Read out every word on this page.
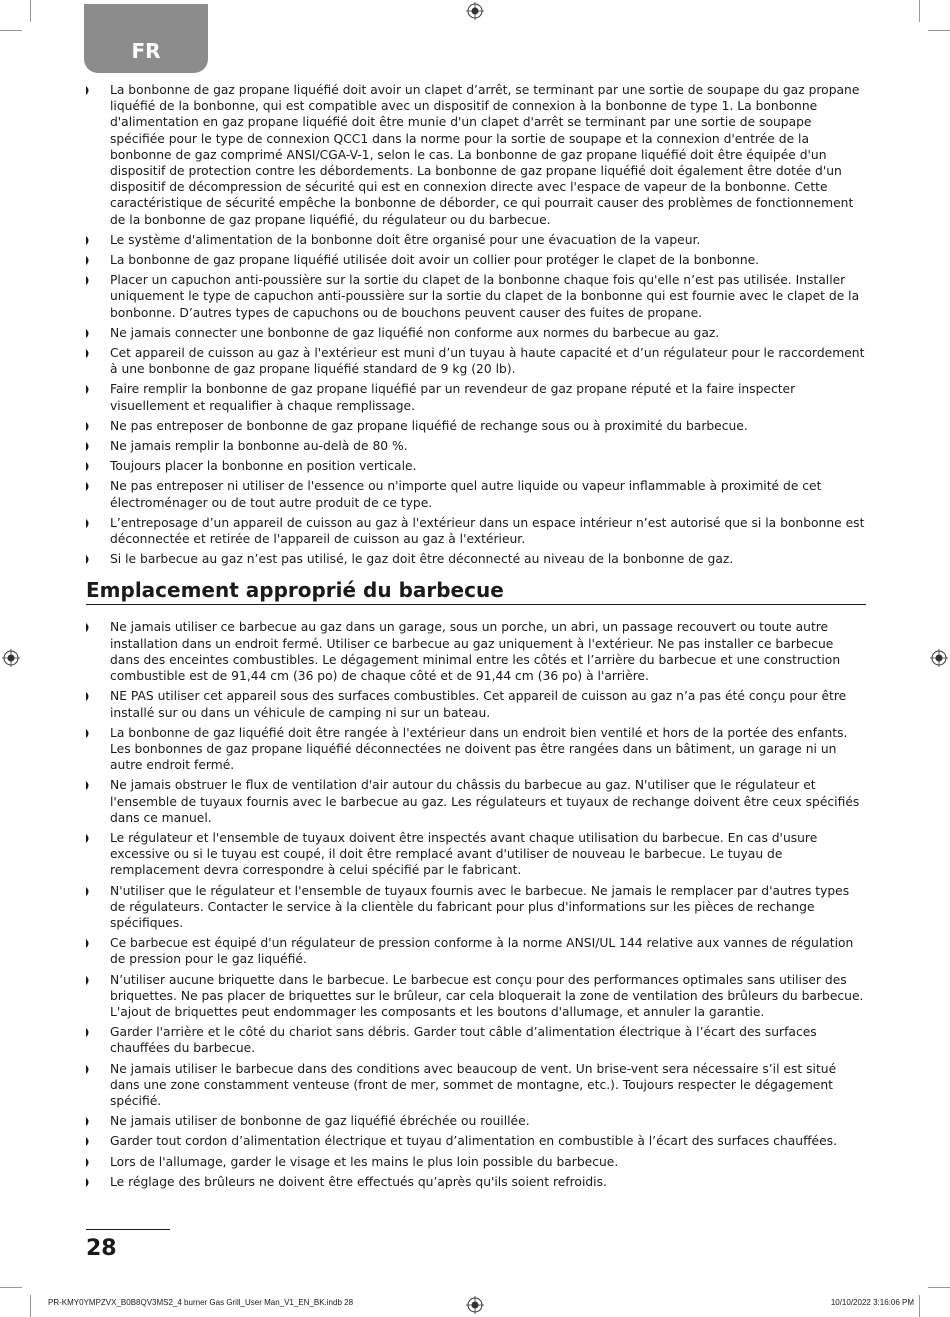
FR
La bonbonne de gaz propane liquéfié doit avoir un clapet d’arrêt, se terminant par une sortie de soupape du gaz propane liquéfié de la bonbonne, qui est compatible avec un dispositif de connexion à la bonbonne de type 1. La bonbonne d'alimentation en gaz propane liquéfié doit être munie d'un clapet d'arrêt se terminant par une sortie de soupape spécifiée pour le type de connexion QCC1 dans la norme pour la sortie de soupape et la connexion d'entrée de la bonbonne de gaz comprimé ANSI/CGA-V-1, selon le cas. La bonbonne de gaz propane liquéfié doit être équipée d'un dispositif de protection contre les débordements. La bonbonne de gaz propane liquéfié doit également être dotée d'un dispositif de décompression de sécurité qui est en connexion directe avec l'espace de vapeur de la bonbonne. Cette caractéristique de sécurité empêche la bonbonne de déborder, ce qui pourrait causer des problèmes de fonctionnement de la bonbonne de gaz propane liquéfié, du régulateur ou du barbecue.
Le système d'alimentation de la bonbonne doit être organisé pour une évacuation de la vapeur.
La bonbonne de gaz propane liquéfié utilisée doit avoir un collier pour protéger le clapet de la bonbonne.
Placer un capuchon anti-poussière sur la sortie du clapet de la bonbonne chaque fois qu'elle n’est pas utilisée. Installer uniquement le type de capuchon anti-poussière sur la sortie du clapet de la bonbonne qui est fournie avec le clapet de la bonbonne. D’autres types de capuchons ou de bouchons peuvent causer des fuites de propane.
Ne jamais connecter une bonbonne de gaz liquéfié non conforme aux normes du barbecue au gaz.
Cet appareil de cuisson au gaz à l'extérieur est muni d’un tuyau à haute capacité et d’un régulateur pour le raccordement à une bonbonne de gaz propane liquéfié standard de 9 kg (20 lb).
Faire remplir la bonbonne de gaz propane liquéfié par un revendeur de gaz propane réputé et la faire inspecter visuellement et requalifier à chaque remplissage.
Ne pas entreposer de bonbonne de gaz propane liquéfié de rechange sous ou à proximité du barbecue.
Ne jamais remplir la bonbonne au-delà de 80 %.
Toujours placer la bonbonne en position verticale.
Ne pas entreposer ni utiliser de l'essence ou n'importe quel autre liquide ou vapeur inflammable à proximité de cet électroménager ou de tout autre produit de ce type.
L’entreposage d’un appareil de cuisson au gaz à l'extérieur dans un espace intérieur n’est autorisé que si la bonbonne est déconnectée et retirée de l'appareil de cuisson au gaz à l'extérieur.
Si le barbecue au gaz n’est pas utilisé, le gaz doit être déconnecté au niveau de la bonbonne de gaz.
Emplacement approprié du barbecue
Ne jamais utiliser ce barbecue au gaz dans un garage, sous un porche, un abri, un passage recouvert ou toute autre installation dans un endroit fermé. Utiliser ce barbecue au gaz uniquement à l'extérieur. Ne pas installer ce barbecue dans des enceintes combustibles. Le dégagement minimal entre les côtés et l’arrière du barbecue et une construction combustible est de 91,44 cm (36 po) de chaque côté et de 91,44 cm (36 po) à l'arrière.
NE PAS utiliser cet appareil sous des surfaces combustibles. Cet appareil de cuisson au gaz n’a pas été conçu pour être installé sur ou dans un véhicule de camping ni sur un bateau.
La bonbonne de gaz liquéfié doit être rangée à l'extérieur dans un endroit bien ventilé et hors de la portée des enfants. Les bonbonnes de gaz propane liquéfié déconnectées ne doivent pas être rangées dans un bâtiment, un garage ni un autre endroit fermé.
Ne jamais obstruer le flux de ventilation d'air autour du châssis du barbecue au gaz. N'utiliser que le régulateur et l'ensemble de tuyaux fournis avec le barbecue au gaz. Les régulateurs et tuyaux de rechange doivent être ceux spécifiés dans ce manuel.
Le régulateur et l'ensemble de tuyaux doivent être inspectés avant chaque utilisation du barbecue. En cas d'usure excessive ou si le tuyau est coupé, il doit être remplacé avant d'utiliser de nouveau le barbecue. Le tuyau de remplacement devra correspondre à celui spécifié par le fabricant.
N'utiliser que le régulateur et l'ensemble de tuyaux fournis avec le barbecue. Ne jamais le remplacer par d'autres types de régulateurs. Contacter le service à la clientèle du fabricant pour plus d'informations sur les pièces de rechange spécifiques.
Ce barbecue est équipé d'un régulateur de pression conforme à la norme ANSI/UL 144 relative aux vannes de régulation de pression pour le gaz liquéfié.
N’utiliser aucune briquette dans le barbecue. Le barbecue est conçu pour des performances optimales sans utiliser des briquettes. Ne pas placer de briquettes sur le brûleur, car cela bloquerait la zone de ventilation des brûleurs du barbecue. L'ajout de briquettes peut endommager les composants et les boutons d'allumage, et annuler la garantie.
Garder l'arrière et le côté du chariot sans débris. Garder tout câble d’alimentation électrique à l’écart des surfaces chauffées du barbecue.
Ne jamais utiliser le barbecue dans des conditions avec beaucoup de vent. Un brise-vent sera nécessaire s’il est situé dans une zone constamment venteuse (front de mer, sommet de montagne, etc.). Toujours respecter le dégagement spécifié.
Ne jamais utiliser de bonbonne de gaz liquéfié ébréchée ou rouillée.
Garder tout cordon d’alimentation électrique et tuyau d’alimentation en combustible à l’écart des surfaces chauffées.
Lors de l'allumage, garder le visage et les mains le plus loin possible du barbecue.
Le réglage des brûleurs ne doivent être effectués qu’après qu'ils soient refroidis.
28
PR-KMY0YMPZVX_B0B8QV3MS2_4 burner Gas Grill_User Man_V1_EN_BK.indb 28	10/10/2022 3:16:06 PM
